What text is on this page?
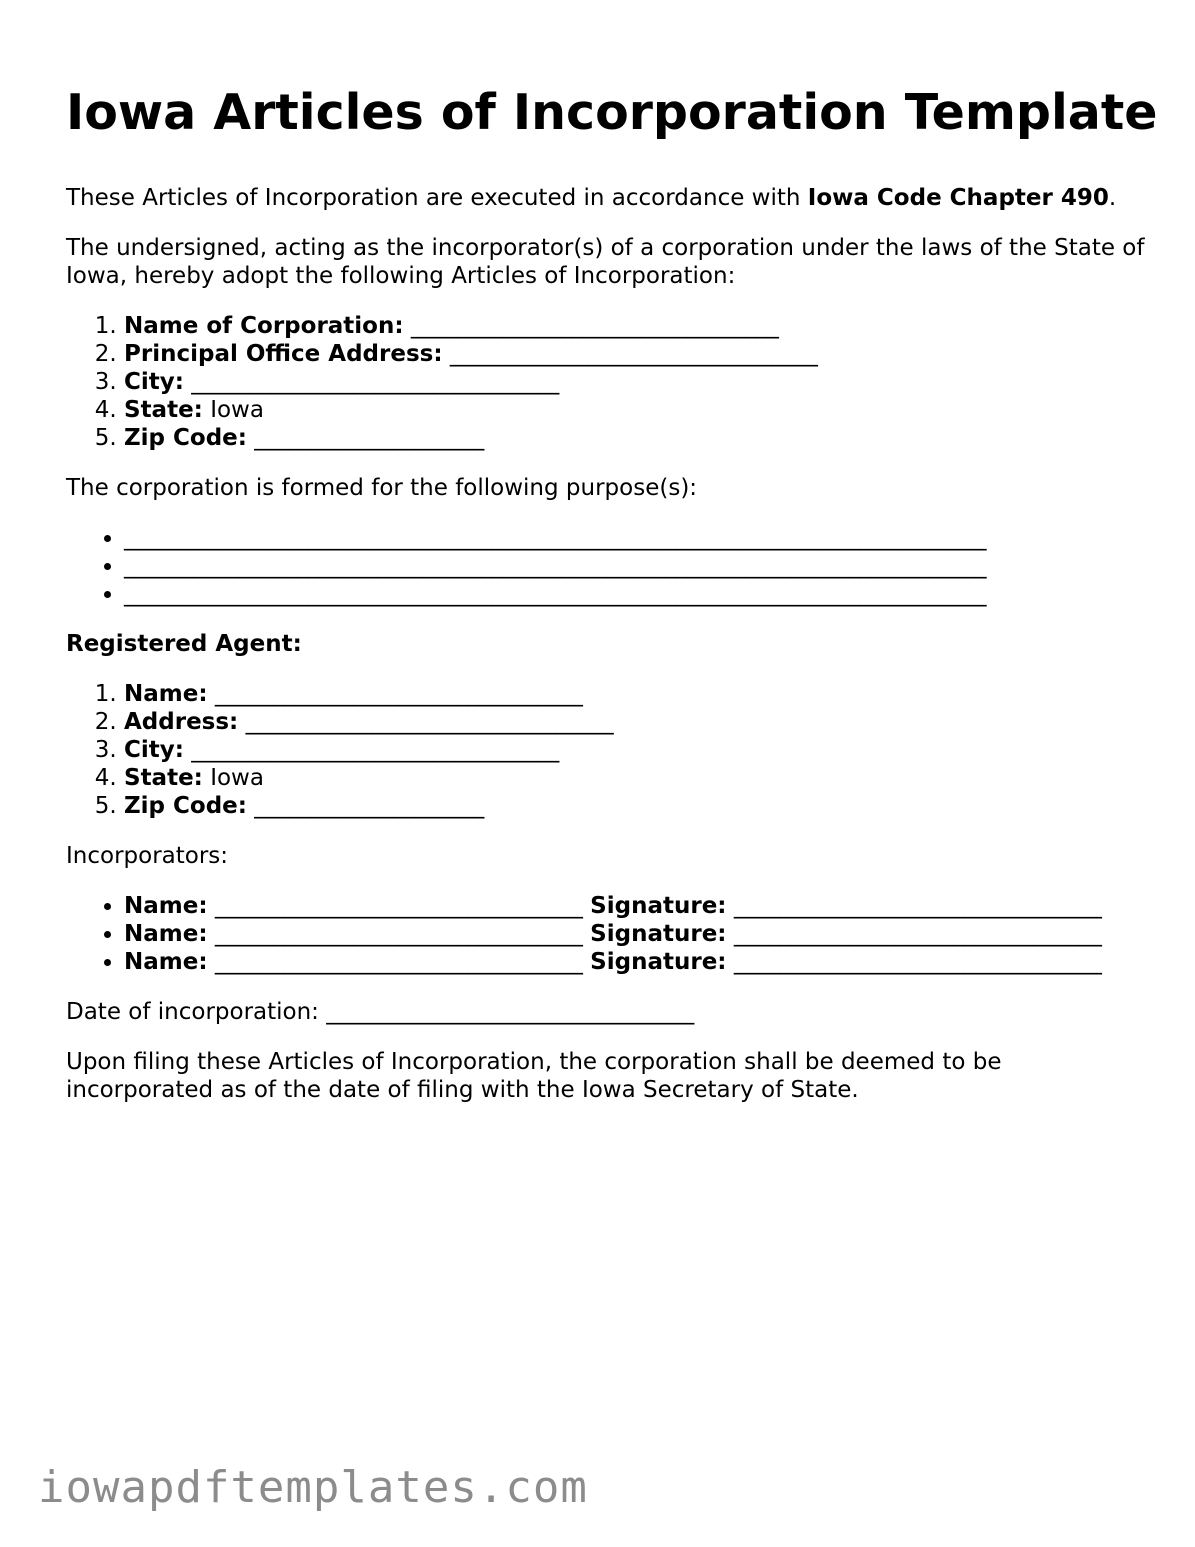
Iowa Articles of Incorporation Template

These Articles of Incorporation are executed in accordance with Iowa Code Chapter 490.

The undersigned, acting as the incorporator(s) of a corporation under the laws of the State of Iowa, hereby adopt the following Articles of Incorporation:

1. Name of Corporation: ________________________________
2. Principal Office Address: ________________________________
3. City: ________________________________
4. State: Iowa
5. Zip Code: ____________________

The corporation is formed for the following purpose(s):

• ___________________________________________________________________________
• ___________________________________________________________________________
• ___________________________________________________________________________

Registered Agent:

1. Name: ________________________________
2. Address: ________________________________
3. City: ________________________________
4. State: Iowa
5. Zip Code: ____________________

Incorporators:

• Name: ________________________________ Signature: ________________________________
• Name: ________________________________ Signature: ________________________________
• Name: ________________________________ Signature: ________________________________

Date of incorporation: ________________________________

Upon filing these Articles of Incorporation, the corporation shall be deemed to be incorporated as of the date of filing with the Iowa Secretary of State.

iowapdftemplates.com
